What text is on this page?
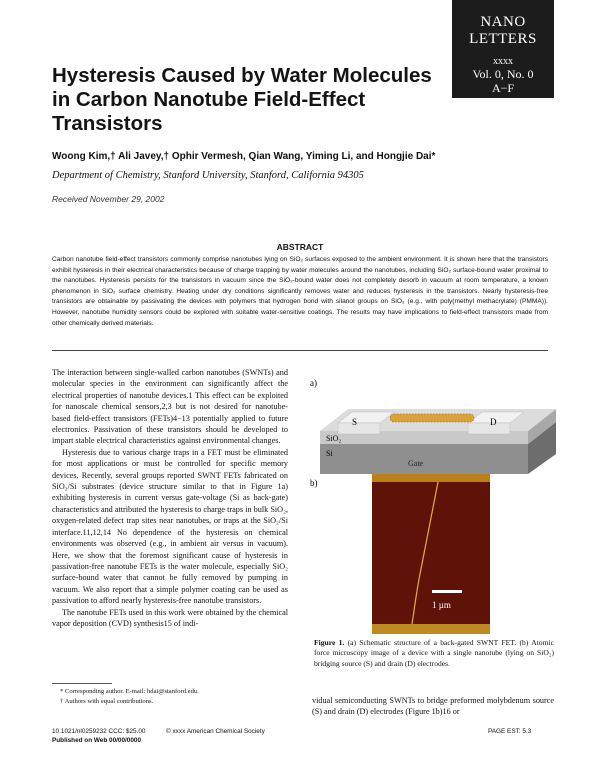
NANO
LETTERS
xxxx
Vol. 0, No. 0
A−F
Hysteresis Caused by Water Molecules in Carbon Nanotube Field-Effect Transistors
Woong Kim,† Ali Javey,† Ophir Vermesh, Qian Wang, Yiming Li, and Hongjie Dai*
Department of Chemistry, Stanford University, Stanford, California 94305
Received November 29, 2002
ABSTRACT
Carbon nanotube field-effect transistors commonly comprise nanotubes lying on SiO₂ surfaces exposed to the ambient environment. It is shown here that the transistors exhibit hysteresis in their electrical characteristics because of charge trapping by water molecules around the nanotubes, including SiO₂ surface-bound water proximal to the nanotubes. Hysteresis persists for the transistors in vacuum since the SiO₂-bound water does not completely desorb in vacuum at room temperature, a known phenomenon in SiO₂ surface chemistry. Heating under dry conditions significantly removes water and reduces hysteresis in the transistors. Nearly hysteresis-free transistors are obtainable by passivating the devices with polymers that hydrogen bond with silanol groups on SiO₂ (e.g., with poly(methyl methacrylate) (PMMA)). However, nanotube humidity sensors could be explored with suitable water-sensitive coatings. The results may have implications to field-effect transistors made from other chemically derived materials.

The interaction between single-walled carbon nanotubes (SWNTs) and molecular species in the environment can significantly affect the electrical properties of nanotube devices.1 This effect can be exploited for nanoscale chemical sensors,2,3 but is not desired for nanotube-based field-effect transistors (FETs)4−13 potentially applied to future electronics. Passivation of these transistors should be developed to impart stable electrical characteristics against environmental changes.

Hysteresis due to various charge traps in a FET must be eliminated for most applications or must be controlled for specific memory devices. Recently, several groups reported SWNT FETs fabricated on SiO₂/Si substrates (device structure similar to that in Figure 1a) exhibiting hysteresis in current versus gate-voltage (Si as back-gate) characteristics and attributed the hysteresis to charge traps in bulk SiO₂, oxygen-related defect trap sites near nanotubes, or traps at the SiO₂/Si interface.11,12,14 No dependence of the hysteresis on chemical environments was observed (e.g., in ambient air versus in vacuum). Here, we show that the foremost significant cause of hysteresis in passivation-free nanotube FETs is the water molecule, especially SiO₂ surface-bound water that cannot be fully removed by pumping in vacuum. We also report that a simple polymer coating can be used as passivation to afford nearly hysteresis-free nanotube transistors.

The nanotube FETs used in this work were obtained by the chemical vapor deposition (CVD) synthesis15 of indi-

a)
S	D
SiO₂
Si
Gate
b)
1 µm
Figure 1. (a) Schematic structure of a back-gated SWNT FET. (b) Atomic force microscopy image of a device with a single nanotube (lying on SiO₂) bridging source (S) and drain (D) electrodes.
vidual semiconducting SWNTs to bridge preformed molybdenum source (S) and drain (D) electrodes (Figure 1b)16 or
* Corresponding author. E-mail: hdai@stanford.edu.
† Authors with equal contributions.
10.1021/nl0259232 CCC: $25.00	© xxxx American Chemical Society
Published on Web 00/00/0000
PAGE EST: 5.3
